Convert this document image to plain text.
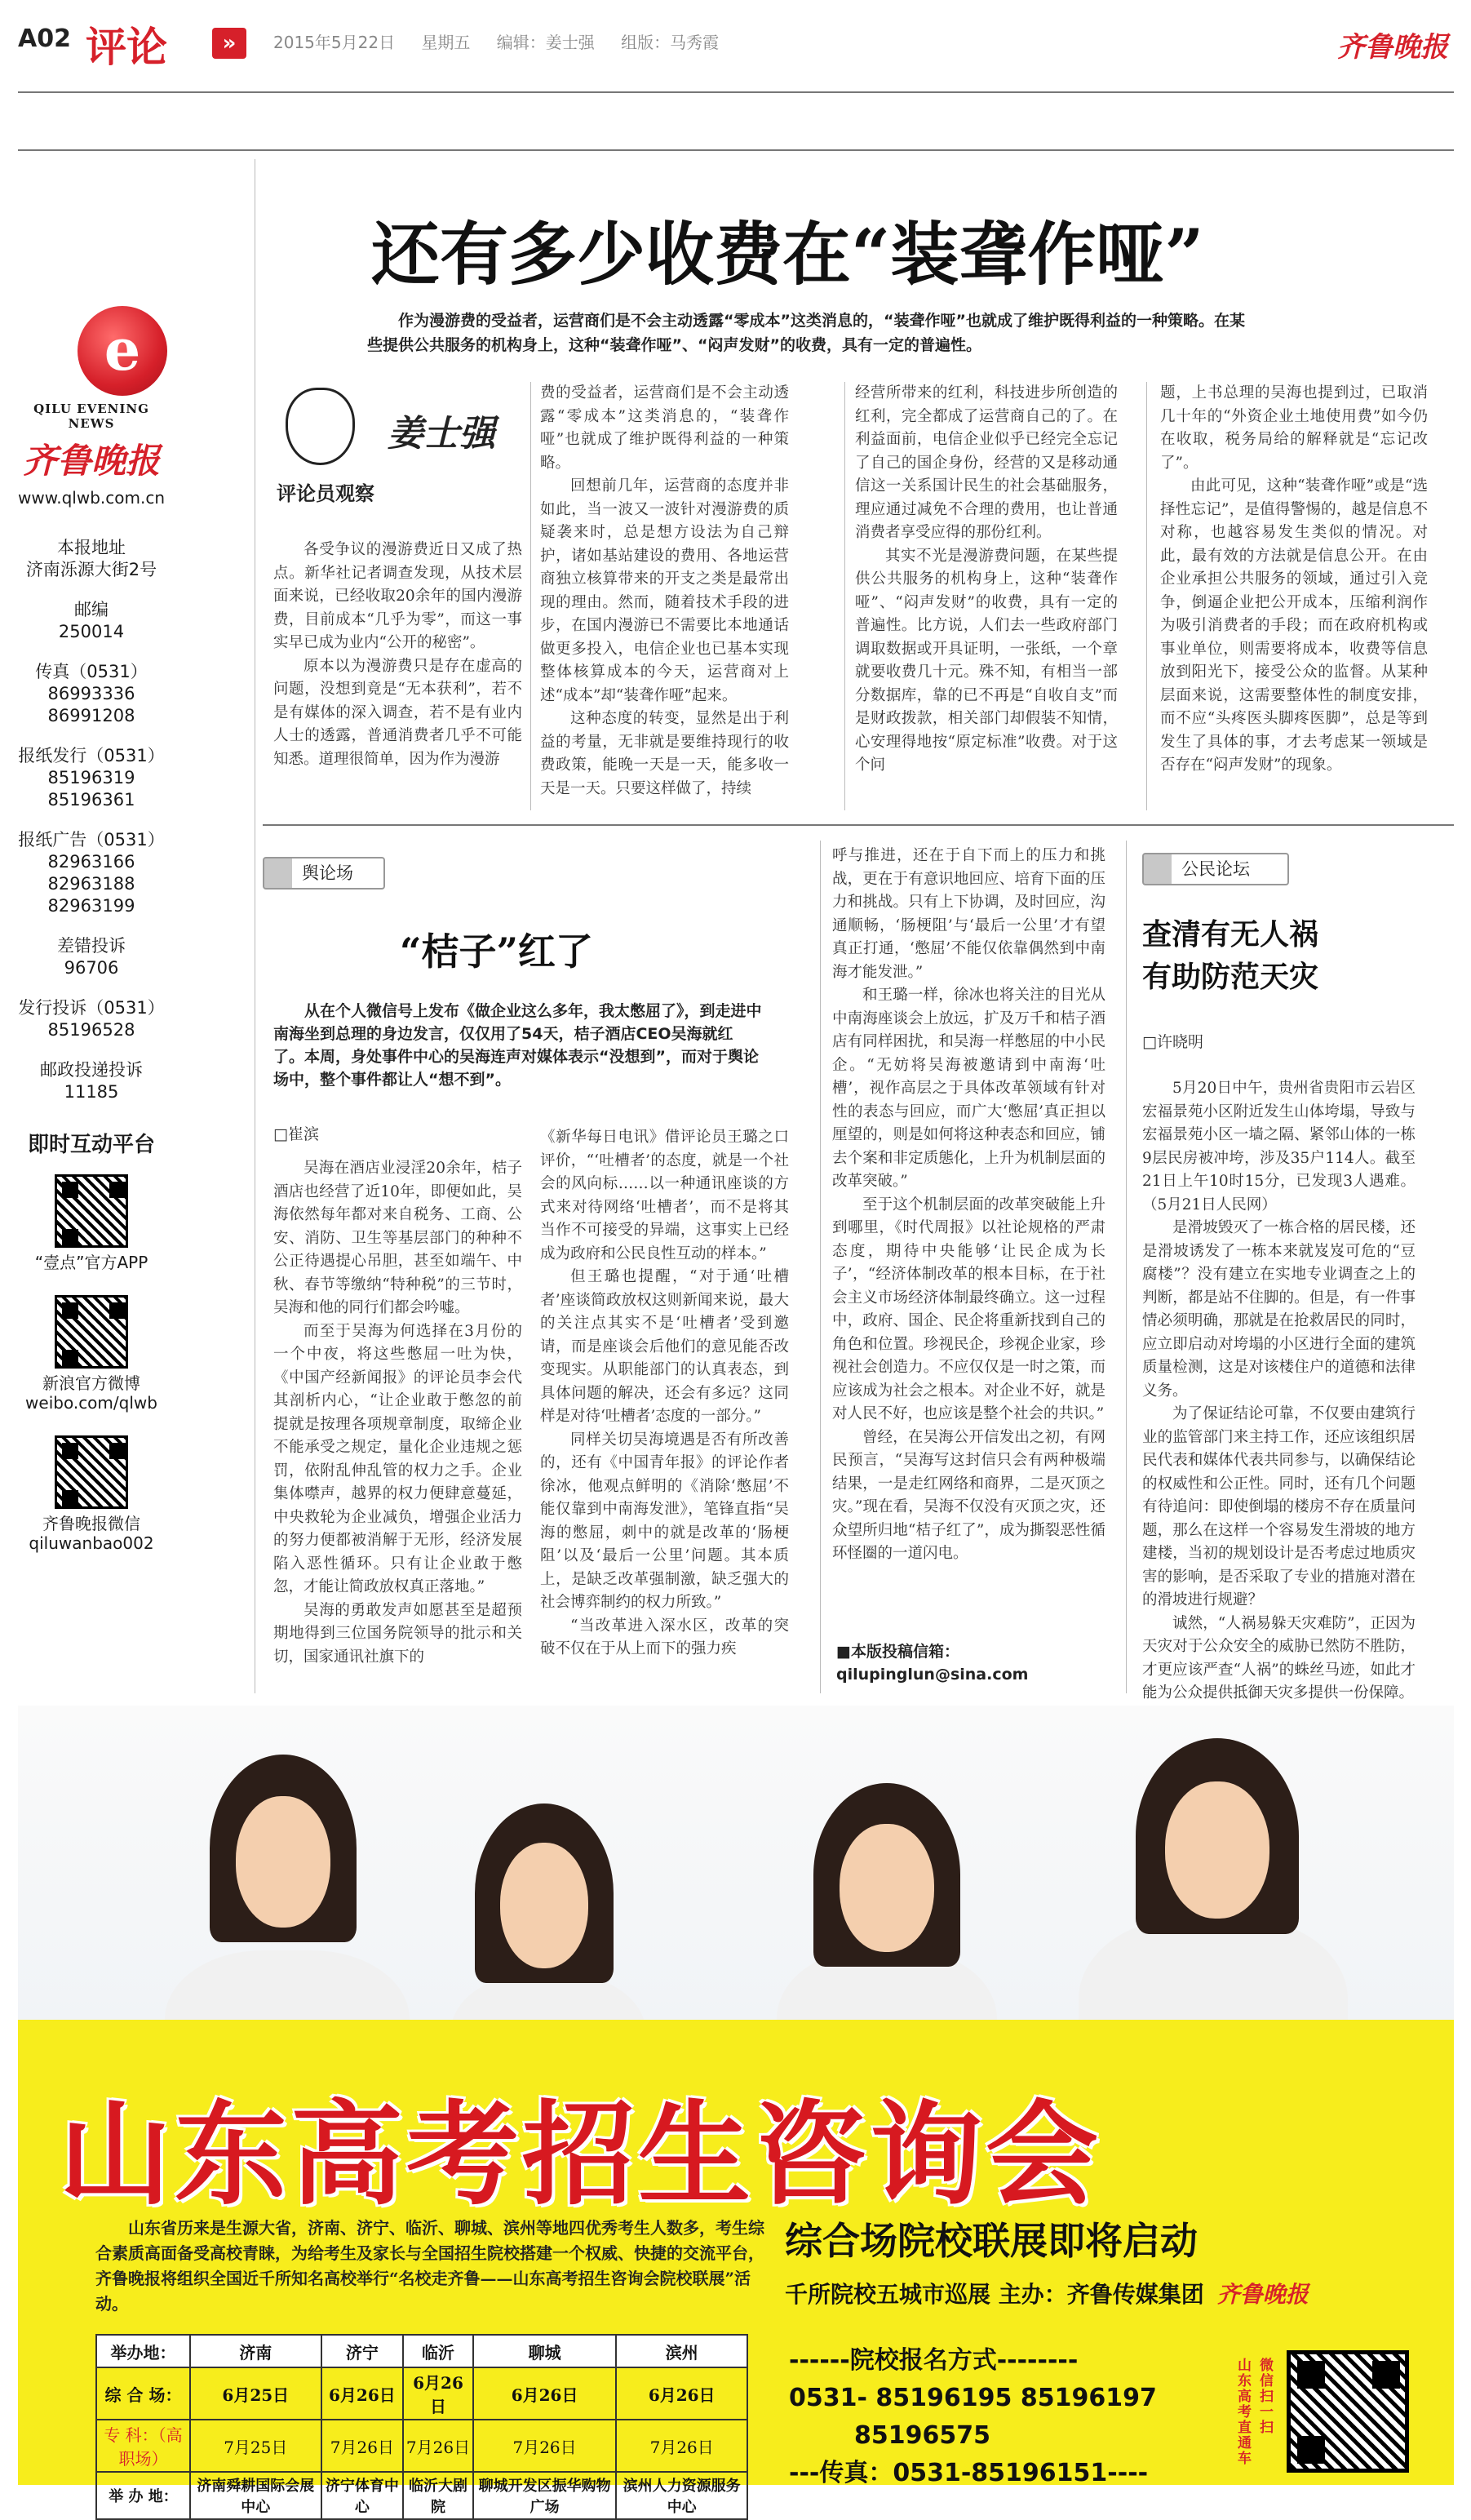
A02 评论	»	2015年5月22日 星期五 编辑：姜士强 组版：马秀霞	齐鲁晚报
e
QILU EVENING NEWS
齐鲁晚报
www.qlwb.com.cn
本报地址
济南泺源大街2号
邮编
250014
传真（0531）
86993336 86991208
报纸发行（0531）
85196319 85196361
报纸广告（0531）
82963166 82963188
82963199
差错投诉
96706
发行投诉（0531）
85196528
邮政投递投诉
11185
即时互动平台
“壹点”官方APP
新浪官方微博
weibo.com/qlwb
齐鲁晚报微信
qiluwanbao002
还有多少收费在“装聋作哑”
作为漫游费的受益者，运营商们是不会主动透露“零成本”这类消息的，“装聋作哑”也就成了维护既得利益的一种策略。在某些提供公共服务的机构身上，这种“装聋作哑”、“闷声发财”的收费，具有一定的普遍性。
姜士强
评论员观察

各受争议的漫游费近日又成了热点。新华社记者调查发现，从技术层面来说，已经收取20余年的国内漫游费，目前成本“几乎为零”，而这一事实早已成为业内“公开的秘密”。

原本以为漫游费只是存在虚高的问题，没想到竟是“无本获利”，若不是有媒体的深入调查，若不是有业内人士的透露，普通消费者几乎不可能知悉。道理很简单，因为作为漫游

费的受益者，运营商们是不会主动透露“零成本”这类消息的，“装聋作哑”也就成了维护既得利益的一种策略。

回想前几年，运营商的态度并非如此，当一波又一波针对漫游费的质疑袭来时，总是想方设法为自己辩护，诸如基站建设的费用、各地运营商独立核算带来的开支之类是最常出现的理由。然而，随着技术手段的进步，在国内漫游已不需要比本地通话做更多投入，电信企业也已基本实现整体核算成本的今天，运营商对上述“成本”却“装聋作哑”起来。

这种态度的转变，显然是出于利益的考量，无非就是要维持现行的收费政策，能晚一天是一天，能多收一天是一天。只要这样做了，持续

经营所带来的红利，科技进步所创造的红利，完全都成了运营商自己的了。在利益面前，电信企业似乎已经完全忘记了自己的国企身份，经营的又是移动通信这一关系国计民生的社会基础服务，理应通过减免不合理的费用，也让普通消费者享受应得的那份红利。

其实不光是漫游费问题，在某些提供公共服务的机构身上，这种“装聋作哑”、“闷声发财”的收费，具有一定的普遍性。比方说，人们去一些政府部门调取数据或开具证明，一张纸，一个章就要收费几十元。殊不知，有相当一部分数据库，靠的已不再是“自收自支”而是财政拨款，相关部门却假装不知情，心安理得地按“原定标准”收费。对于这个问

题，上书总理的吴海也提到过，已取消几十年的“外资企业土地使用费”如今仍在收取，税务局给的解释就是“忘记改了”。

由此可见，这种“装聋作哑”或是“选择性忘记”，是值得警惕的，越是信息不对称，也越容易发生类似的情况。对此，最有效的方法就是信息公开。在由企业承担公共服务的领域，通过引入竞争，倒逼企业把公开成本，压缩利润作为吸引消费者的手段；而在政府机构或事业单位，则需要将成本，收费等信息放到阳光下，接受公众的监督。从某种层面来说，这需要整体性的制度安排，而不应“头疼医头脚疼医脚”，总是等到发生了具体的事，才去考虑某一领域是否存在“闷声发财”的现象。

舆论场
“桔子”红了
从在个人微信号上发布《做企业这么多年，我太憋屈了》，到走进中南海坐到总理的身边发言，仅仅用了54天，桔子酒店CEO吴海就红了。本周，身处事件中心的吴海连声对媒体表示“没想到”，而对于舆论场中，整个事件都让人“想不到”。
□崔滨

吴海在酒店业浸淫20余年，桔子酒店也经营了近10年，即便如此，吴海依然每年都对来自税务、工商、公安、消防、卫生等基层部门的种种不公正待遇提心吊胆，甚至如端午、中秋、春节等缴纳“特种税”的三节时，吴海和他的同行们都会吟嘘。

而至于吴海为何选择在3月份的一个中夜，将这些憋屈一吐为快，《中国产经新闻报》的评论员李会代其剖析内心，“让企业敢于憋忽的前提就是按理各项规章制度，取缔企业不能承受之规定，量化企业违规之惩罚，依附乱伸乱管的权力之手。企业集体噤声，越界的权力便肆意蔓延，中央救轮为企业减负，增强企业活力的努力便都被消解于无形，经济发展陷入恶性循环。只有让企业敢于憋忽，才能让简政放权真正落地。”

吴海的勇敢发声如愿甚至是超预期地得到三位国务院领导的批示和关切，国家通讯社旗下的

《新华每日电讯》借评论员王璐之口评价，“‘吐槽者’的态度，就是一个社会的风向标……以一种通讯座谈的方式来对待网络‘吐槽者’，而不是将其当作不可接受的异端，这事实上已经成为政府和公民良性互动的样本。”

但王璐也提醒，“对于通‘吐槽者’座谈简政放权这则新闻来说，最大的关注点其实不是‘吐槽者’受到邀请，而是座谈会后他们的意见能否改变现实。从职能部门的认真表态，到具体问题的解决，还会有多远？这同样是对待‘吐槽者’态度的一部分。”

同样关切吴海境遇是否有所改善的，还有《中国青年报》的评论作者徐冰，他观点鲜明的《消除‘憋屈’不能仅靠到中南海发泄》，笔锋直指“吴海的憋屈，刺中的就是改革的‘肠梗阻’以及‘最后一公里’问题。其本质上，是缺乏改革强制激，缺乏强大的社会博弈制约的权力所致。”

“当改革进入深水区，改革的突破不仅在于从上而下的强力疾

呼与推进，还在于自下而上的压力和挑战，更在于有意识地回应、培育下面的压力和挑战。只有上下协调，及时回应，沟通顺畅，‘肠梗阻’与‘最后一公里’才有望真正打通，‘憋屈’不能仅依靠偶然到中南海才能发泄。”

和王璐一样，徐冰也将关注的目光从中南海座谈会上放远，扩及万千和桔子酒店有同样困扰，和吴海一样憋屈的中小民企。“无妨将吴海被邀请到中南海‘吐槽’，视作高层之于具体改革领域有针对性的表态与回应，而广大‘憋屈’真正担以厘望的，则是如何将这种表态和回应，铺去个案和非定质態化，上升为机制层面的改革突破。”

至于这个机制层面的改革突破能上升到哪里，《时代周报》以社论规格的严肃态度，期待中央能够‘让民企成为长子’，“经济体制改革的根本目标，在于社会主义市场经济体制最终确立。这一过程中，政府、国企、民企将重新找到自己的角色和位置。珍视民企，珍视企业家，珍视社会创造力。不应仅仅是一时之策，而应该成为社会之根本。对企业不好，就是对人民不好，也应该是整个社会的共识。”

曾经，在吴海公开信发出之初，有网民预言，“吴海写这封信只会有两种极端结果，一是走红网络和商界，二是灭顶之灾。”现在看，吴海不仅没有灭顶之灾，还众望所归地“桔子红了”，成为撕裂恶性循环怪圈的一道闪电。

■本版投稿信箱：
qilupinglun@sina.com
公民论坛
查清有无人祸
有助防范天灾
□许晓明

5月20日中午，贵州省贵阳市云岩区宏福景苑小区附近发生山体垮塌，导致与宏福景苑小区一墙之隔、紧邻山体的一栋9层民房被冲垮，涉及35户114人。截至21日上午10时15分，已发现3人遇难。（5月21日人民网）

是滑坡毁灭了一栋合格的居民楼，还是滑坡诱发了一栋本来就岌岌可危的“豆腐楼”？没有建立在实地专业调查之上的判断，都是站不住脚的。但是，有一件事情必须明确，那就是在抢救居民的同时，应立即启动对垮塌的小区进行全面的建筑质量检测，这是对该楼住户的道德和法律义务。

为了保证结论可靠，不仅要由建筑行业的监管部门来主持工作，还应该组织居民代表和媒体代表共同参与，以确保结论的权威性和公正性。同时，还有几个问题有待追问：即使倒塌的楼房不存在质量问题，那么在这样一个容易发生滑坡的地方建楼，当初的规划设计是否考虑过地质灾害的影响，是否采取了专业的措施对潜在的滑坡进行规避？

诚然，“人祸易躲天灾难防”，正因为天灾对于公众安全的威胁已然防不胜防，才更应该严查“人祸”的蛛丝马迹，如此才能为公众提供抵御天灾多提供一份保障。

山东高考招生咨询会
山东省历来是生源大省，济南、济宁、临沂、聊城、滨州等地四优秀考生人数多，考生综合素质高面备受高校青睐，为给考生及家长与全国招生院校搭建一个权威、快捷的交流平台，齐鲁晚报将组织全国近千所知名高校举行“名校走齐鲁——山东高考招生咨询会院校联展”活动。
综合场院校联展即将启动
千所院校五城市巡展 主办：齐鲁传媒集团 齐鲁晚报
举办地：	济南	济宁	临沂	聊城	滨州
综 合 场：	6月25日	6月26日	6月26日	6月26日	6月26日
专 科：（高职场）	7月25日	7月26日	7月26日	7月26日	7月26日
举 办 地：	济南舜耕国际会展中心	济宁体育中心	临沂大剧院	聊城开发区振华购物广场	滨州人力资源服务中心
------院校报名方式--------
0531- 85196195 85196197
85196575
---传真：0531-85196151----
山东高考直通车
微信扫一扫
